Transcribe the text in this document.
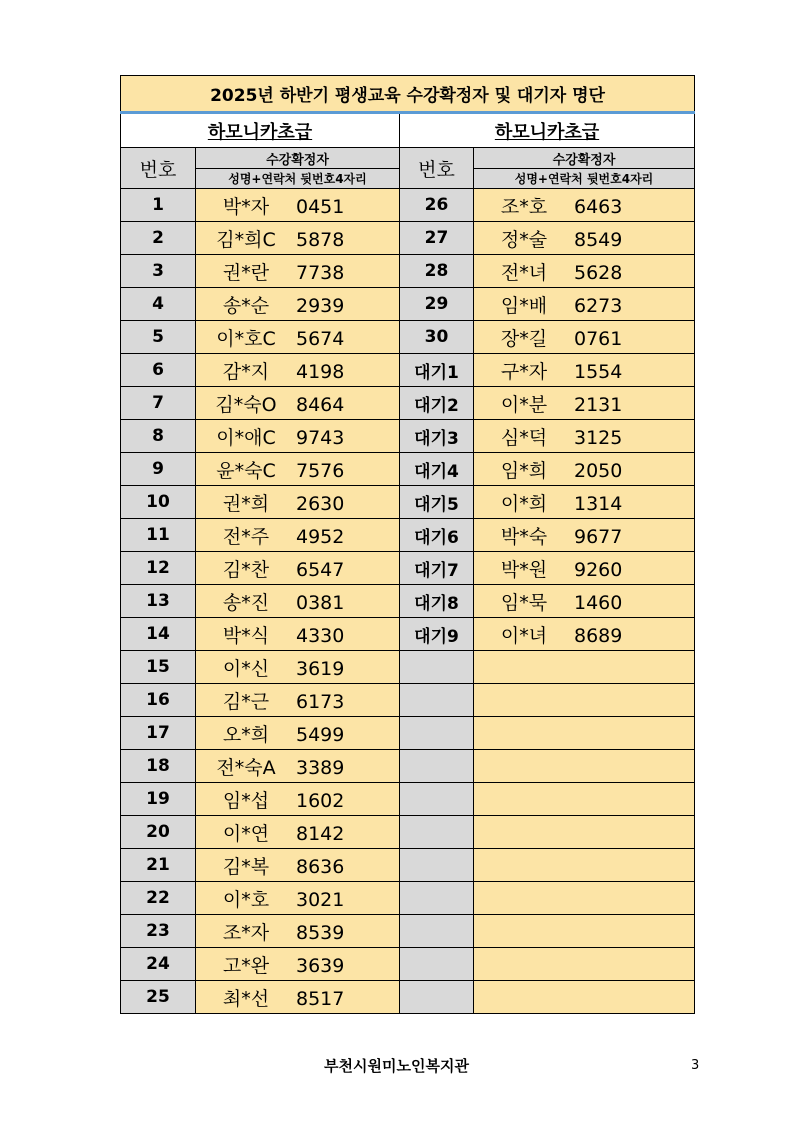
2025년 하반기 평생교육 수강확정자 및 대기자 명단			
하모니카초급		하모니카초급	
번호	수강확정자	번호	수강확정자
	성명+연락처 뒷번호4자리		성명+연락처 뒷번호4자리
1	박*자 0451	26	조*호 6463
2	김*희C 5878	27	정*술 8549
3	권*란 7738	28	전*녀 5628
4	송*순 2939	29	임*배 6273
5	이*호C 5674	30	장*길 0761
6	감*지 4198	대기1	구*자 1554
7	김*숙O 8464	대기2	이*분 2131
8	이*애C 9743	대기3	심*덕 3125
9	윤*숙C 7576	대기4	임*희 2050
10	권*희 2630	대기5	이*희 1314
11	전*주 4952	대기6	박*숙 9677
12	김*찬 6547	대기7	박*원 9260
13	송*진 0381	대기8	임*묵 1460
14	박*식 4330	대기9	이*녀 8689
15	이*신 3619		
16	김*근 6173		
17	오*희 5499		
18	전*숙A 3389		
19	임*섭 1602		
20	이*연 8142		
21	김*복 8636		
22	이*호 3021		
23	조*자 8539		
24	고*완 3639		
25	최*선 8517		
부천시원미노인복지관	3
